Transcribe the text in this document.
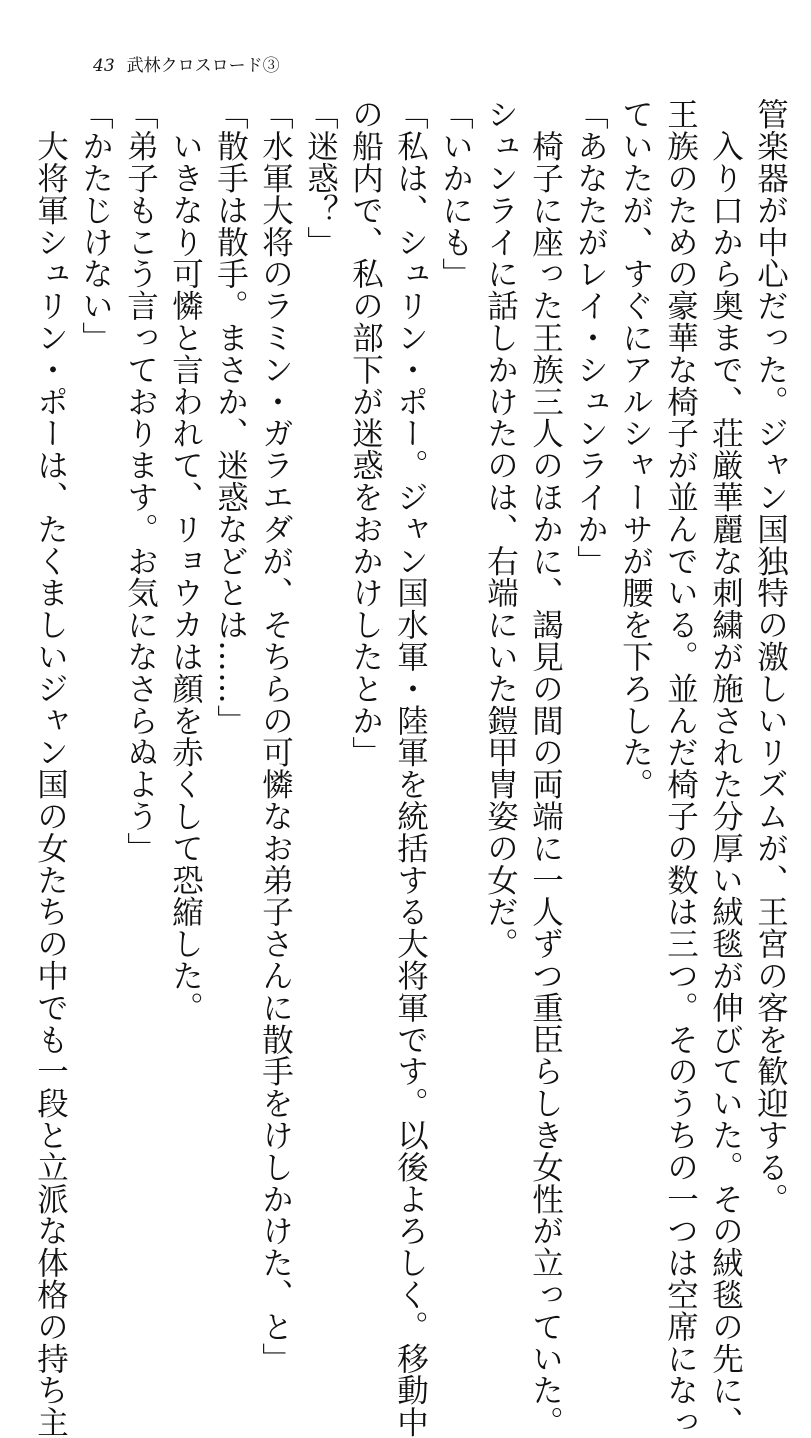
43 武林クロスロード③
管楽器が中心だった。ジャン国独特の激しいリズムが、王宮の客を歓迎する。
　入り口から奥まで、荘厳華麗な刺繍が施された分厚い絨毯が伸びていた。その絨毯の先に、
王族のための豪華な椅子が並んでいる。並んだ椅子の数は三つ。そのうちの一つは空席になっ
ていたが、すぐにアルシャーサが腰を下ろした。
「あなたがレイ・シュンライか」
　椅子に座った王族三人のほかに、謁見の間の両端に一人ずつ重臣らしき女性が立っていた。
シュンライに話しかけたのは、右端にいた鎧甲冑姿の女だ。
「いかにも」
「私は、シュリン・ポー。ジャン国水軍・陸軍を統括する大将軍です。以後よろしく。移動中
の船内で、私の部下が迷惑をおかけしたとか」
「迷惑？」
「水軍大将のラミン・ガラエダが、そちらの可憐なお弟子さんに散手をけしかけた、と」
「散手は散手。まさか、迷惑などとは……」
　いきなり可憐と言われて、リョウカは顔を赤くして恐縮した。
「弟子もこう言っております。お気になさらぬよう」
「かたじけない」
　大将軍シュリン・ポーは、たくましいジャン国の女たちの中でも一段と立派な体格の持ち主
